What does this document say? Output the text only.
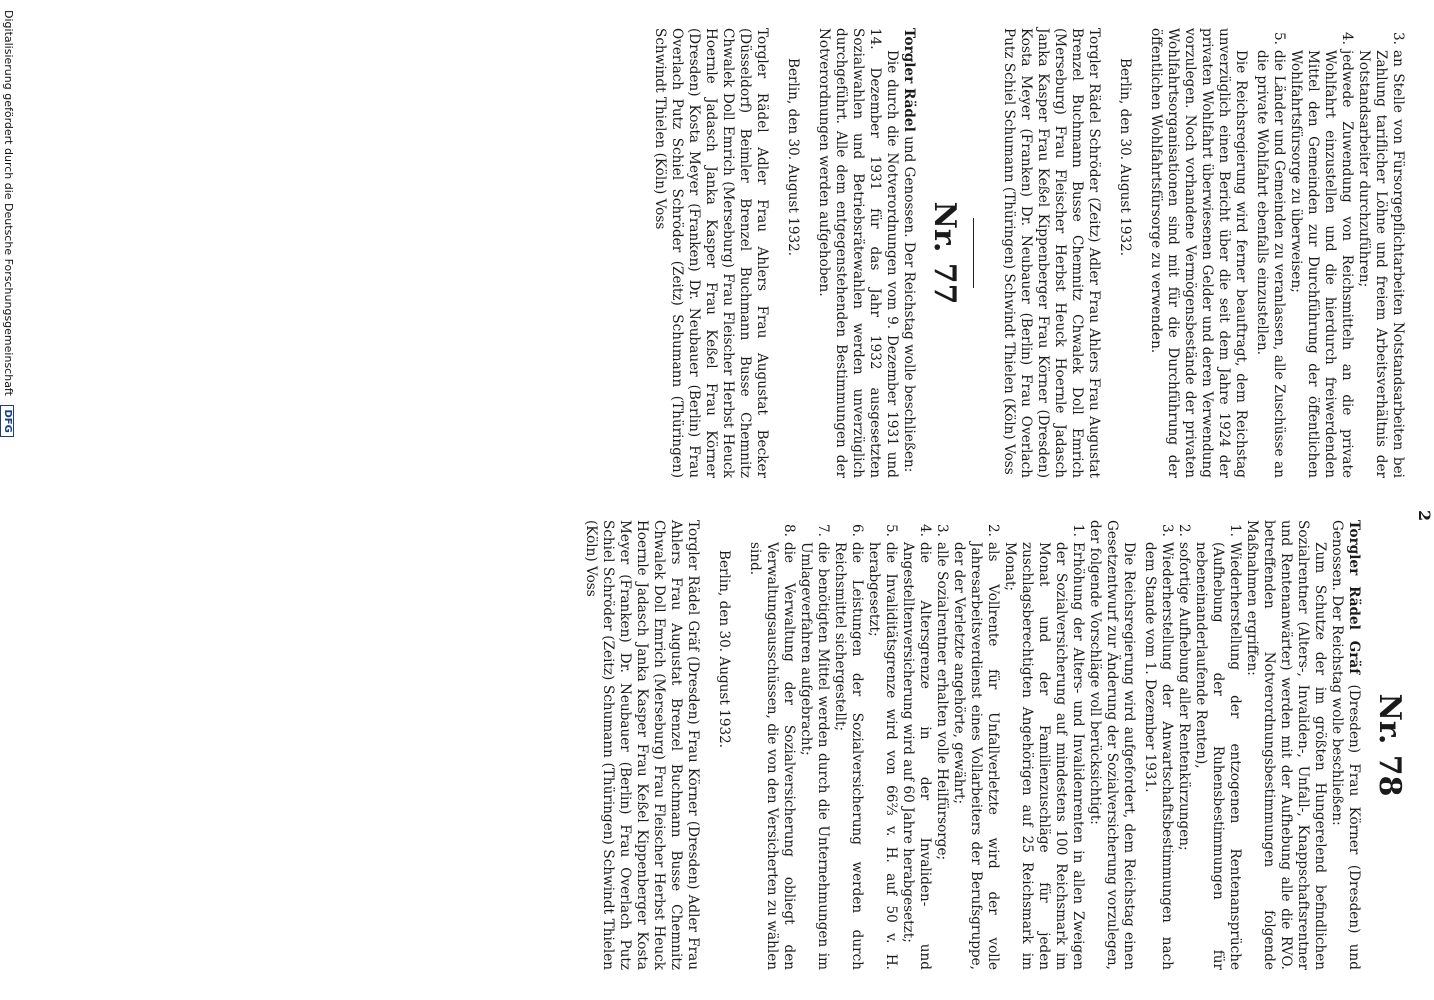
2
3.
an Stelle von Fürsorgepflichtarbeiten Notstandsarbeiten bei Zahlung tariflicher Löhne und freiem Arbeitsverhältnis der Notstandsarbeiter durchzuführen;
4.
jedwede Zuwendung von Reichsmitteln an die private Wohlfahrt einzustellen und die hierdurch freiwerdenden Mittel den Gemeinden zur Durchführung der öffentlichen Wohlfahrtsfürsorge zu überweisen;
5.
die Länder und Gemeinden zu veranlassen, alle Zuschüsse an die private Wohlfahrt ebenfalls einzustellen.

Die Reichsregierung wird ferner beauftragt, dem Reichstag unverzüglich einen Bericht über die seit dem Jahre 1924 der privaten Wohlfahrt überwiesenen Gelder und deren Verwendung vorzulegen. Noch vorhandene Vermögensbestände der privaten Wohlfahrtsorganisationen sind mit für die Durchführung der öffentlichen Wohlfahrtsfürsorge zu verwenden.

Berlin, den 30. August 1932.

Torgler Rädel Schröder (Zeitz) Adler Frau Ahlers Frau Augustat Brenzel Buchmann Busse Chemnitz Chwalek Doll Emrich (Merseburg) Frau Fleischer Herbst Heuck Hoernle Jadasch Janka Kasper Frau Keßel Kippenberger Frau Körner (Dresden) Kosta Meyer (Franken) Dr. Neubauer (Berlin) Frau Overlach Putz Schiel Schumann (Thüringen) Schwindt Thielen (Köln) Voss

Nr. 77

Torgler Rädel und Genossen. Der Reichstag wolle beschließen:

Die durch die Notverordnungen vom 9. Dezember 1931 und 14. Dezember 1931 für das Jahr 1932 ausgesetzten Sozialwahlen und Betriebsrätewahlen werden unverzüglich durchgeführt. Alle dem entgegenstehenden Bestimmungen der Notverordnungen werden aufgehoben.

Berlin, den 30. August 1932.

Torgler Rädel Adler Frau Ahlers Frau Augustat Becker (Düsseldorf) Beimler Brenzel Buchmann Busse Chemnitz Chwalek Doll Emrich (Merseburg) Frau Fleischer Herbst Heuck Hoernle Jadasch Janka Kasper Frau Keßel Frau Körner (Dresden) Kosta Meyer (Franken) Dr. Neubauer (Berlin) Frau Overlach Putz Schiel Schröder (Zeitz) Schumann (Thüringen) Schwindt Thielen (Köln) Voss

Nr. 78

Torgler Rädel Gräf (Dresden) Frau Körner (Dresden) und Genossen. Der Reichstag wolle beschließen:

Zum Schutze der im größten Hungerelend befindlichen Sozialrentner (Alters-, Invaliden-, Unfall-, Knappschaftsrentner und Rentenanwärter) werden mit der Aufhebung alle die RVO. betreffenden Notverordnungsbestimmungen folgende Maßnahmen ergriffen:

1.
Wiederherstellung der entzogenen Rentenansprüche (Aufhebung der Ruhensbestimmungen für nebeneinanderlaufende Renten),
2.
sofortige Aufhebung aller Rentenkürzungen;
3.
Wiederherstellung der Anwartschaftsbestimmungen nach dem Stande vom 1. Dezember 1931.

Die Reichsregierung wird aufgefordert, dem Reichstag einen Gesetzentwurf zur Änderung der Sozialversicherung vorzulegen, der folgende Vorschläge voll berücksichtigt:

1.
Erhöhung der Alters- und Invalidenrenten in allen Zweigen der Sozialversicherung auf mindestens 100 Reichsmark im Monat und der Familienzuschläge für jeden zuschlagsberechtigten Angehörigen auf 25 Reichsmark im Monat;
2.
als Vollrente für Unfallverletzte wird der volle Jahresarbeitsverdienst eines Vollarbeiters der Berufsgruppe, der der Verletzte angehörte, gewährt;
3.
alle Sozialrentner erhalten volle Heilfürsorge;
4.
die Altersgrenze in der Invaliden- und Angestelltenversicherung wird auf 60 Jahre herabgesetzt;
5.
die Invaliditätsgrenze wird von 66⅔ v. H. auf 50 v. H. herabgesetzt;
6.
die Leistungen der Sozialversicherung werden durch Reichsmittel sichergestellt;
7.
die benötigten Mittel werden durch die Unternehmungen im Umlageverfahren aufgebracht;
8.
die Verwaltung der Sozialversicherung obliegt den Verwaltungsausschüssen, die von den Versicherten zu wählen sind.

Berlin, den 30. August 1932.

Torgler Rädel Gräf (Dresden) Frau Körner (Dresden) Adler Frau Ahlers Frau Augustat Brenzel Buchmann Busse Chemnitz Chwalek Doll Emrich (Merseburg) Frau Fleischer Herbst Heuck Hoernle Jadasch Janka Kasper Frau Keßel Kippenberger Kosta Meyer (Franken) Dr. Neubauer (Berlin) Frau Overlach Putz Schiel Schröder (Zeitz) Schumann (Thüringen) Schwindt Thielen (Köln) Voss

Digitalisierung gefördert durch die Deutsche Forschungsgemeinschaft DFG
